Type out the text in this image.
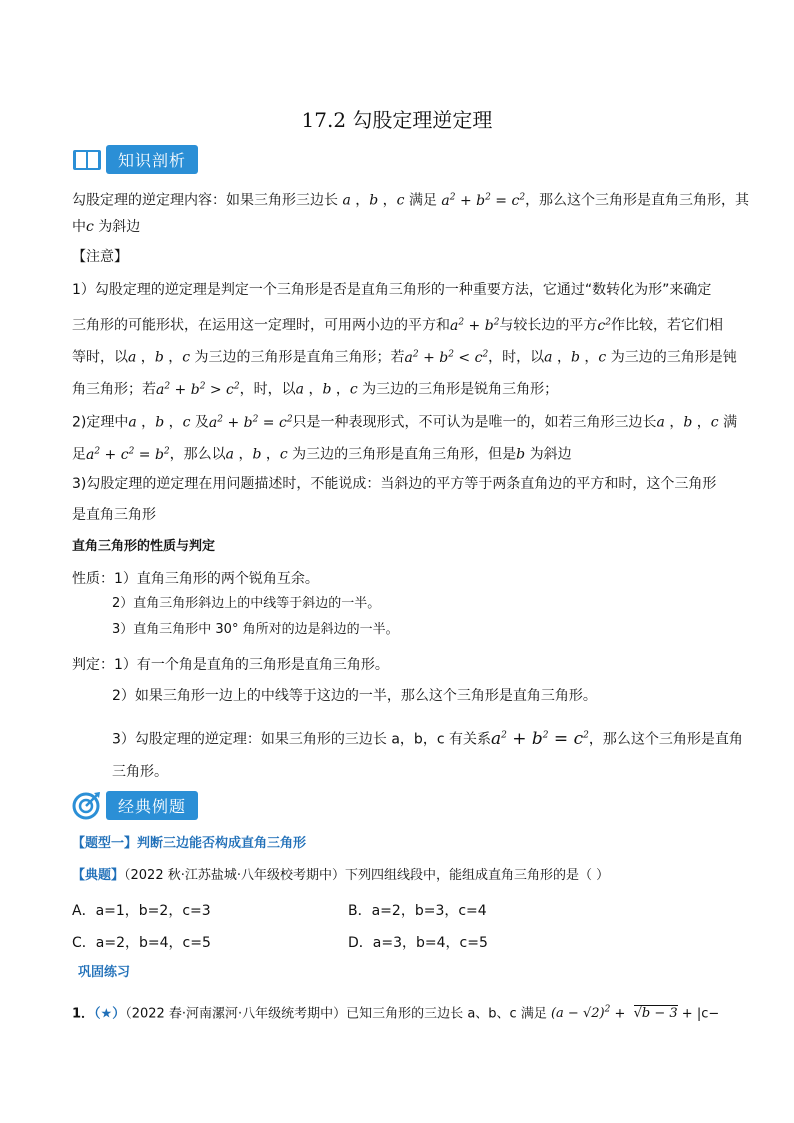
17.2 勾股定理逆定理
知识剖析
勾股定理的逆定理内容：如果三角形三边长 a ，b ，c 满足 $a^2 + b^2 = c^2$，那么这个三角形是直角三角形，其
中c 为斜边
【注意】
1）勾股定理的逆定理是判定一个三角形是否是直角三角形的一种重要方法，它通过“数转化为形”来确定
三角形的可能形状，在运用这一定理时，可用两小边的平方和$a^2 + b^2$与较长边的平方$c^2$作比较，若它们相
等时，以a ，b ，c 为三边的三角形是直角三角形；若$a^2 + b^2 < c^2$，时，以a ，b ，c 为三边的三角形是钝
角三角形；若$a^2 + b^2 > c^2$，时，以a ，b ，c 为三边的三角形是锐角三角形；
2)定理中a ，b ，c 及$a^2 + b^2 = c^2$只是一种表现形式，不可认为是唯一的，如若三角形三边长a ，b ，c 满
足$a^2 + c^2 = b^2$，那么以a ，b ，c 为三边的三角形是直角三角形，但是b 为斜边
3)勾股定理的逆定理在用问题描述时，不能说成：当斜边的平方等于两条直角边的平方和时，这个三角形
是直角三角形
直角三角形的性质与判定
性质：1）直角三角形的两个锐角互余。
2）直角三角形斜边上的中线等于斜边的一半。
3）直角三角形中 30° 角所对的边是斜边的一半。
判定：1）有一个角是直角的三角形是直角三角形。
2）如果三角形一边上的中线等于这边的一半，那么这个三角形是直角三角形。
3）勾股定理的逆定理：如果三角形的三边长 a，b，c 有关系$a^2 + b^2 = c^2$，那么这个三角形是直角
三角形。
经典例题
【题型一】判断三边能否构成直角三角形
【典题】（2022 秋·江苏盐城·八年级校考期中）下列四组线段中，能组成直角三角形的是（ ）
A．a=1，b=2，c=3	B．a=2，b=3，c=4
C．a=2，b=4，c=5	D．a=3，b=4，c=5
巩固练习
1．（★）（2022 春·河南漯河·八年级统考期中）已知三角形的三边长 a、b、c 满足 $(a - √2)^2 + √b - 3 + |c-$
